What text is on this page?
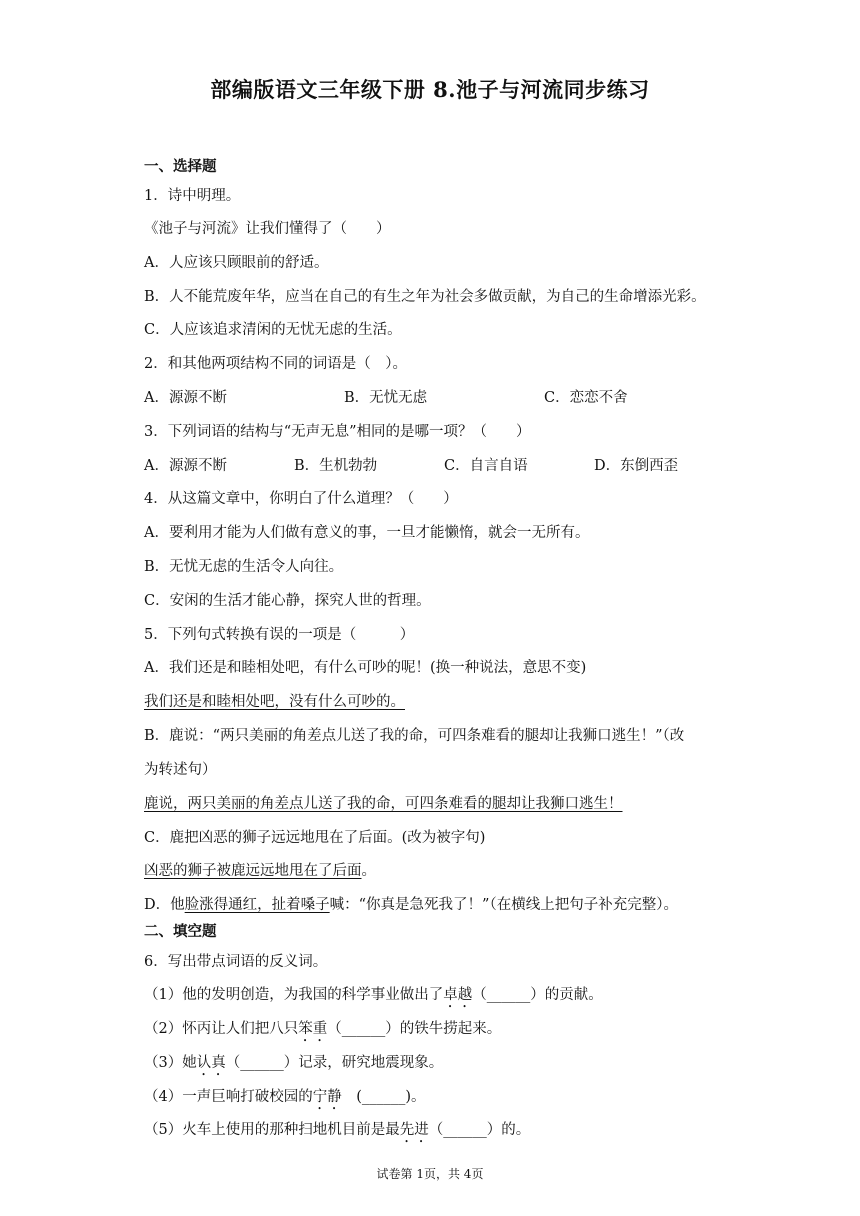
部编版语文三年级下册 8.池子与河流同步练习
一、选择题
1．诗中明理。
《池子与河流》让我们懂得了（　　）
A．人应该只顾眼前的舒适。
B．人不能荒废年华，应当在自己的有生之年为社会多做贡献，为自己的生命增添光彩。
C．人应该追求清闲的无忧无虑的生活。
2．和其他两项结构不同的词语是（　）。
A．源源不断	B．无忧无虑	C．恋恋不舍
3．下列词语的结构与“无声无息”相同的是哪一项？（　　）
A．源源不断	B．生机勃勃	C．自言自语	D．东倒西歪
4．从这篇文章中，你明白了什么道理？（　　）
A．要利用才能为人们做有意义的事，一旦才能懒惰，就会一无所有。
B．无忧无虑的生活令人向往。
C．安闲的生活才能心静，探究人世的哲理。
5．下列句式转换有误的一项是（　　　）
A．我们还是和睦相处吧，有什么可吵的呢！(换一种说法，意思不变)
我们还是和睦相处吧，没有什么可吵的。
B．鹿说：“两只美丽的角差点儿送了我的命，可四条难看的腿却让我狮口逃生！”（改
为转述句）
鹿说，两只美丽的角差点儿送了我的命，可四条难看的腿却让我狮口逃生！
C．鹿把凶恶的狮子远远地甩在了后面。(改为被字句)
凶恶的狮子被鹿远远地甩在了后面。
D．他脸涨得通红，扯着嗓子喊：“你真是急死我了！”（在横线上把句子补充完整）。
二、填空题
6．写出带点词语的反义词。
（1）他的发明创造，为我国的科学事业做出了卓越（______）的贡献。
（2）怀丙让人们把八只笨重（______）的铁牛捞起来。
（3）她认真（______）记录，研究地震现象。
（4）一声巨响打破校园的宁静　(______)。
（5）火车上使用的那种扫地机目前是最先进（______）的。
试卷第 1页，共 4页
